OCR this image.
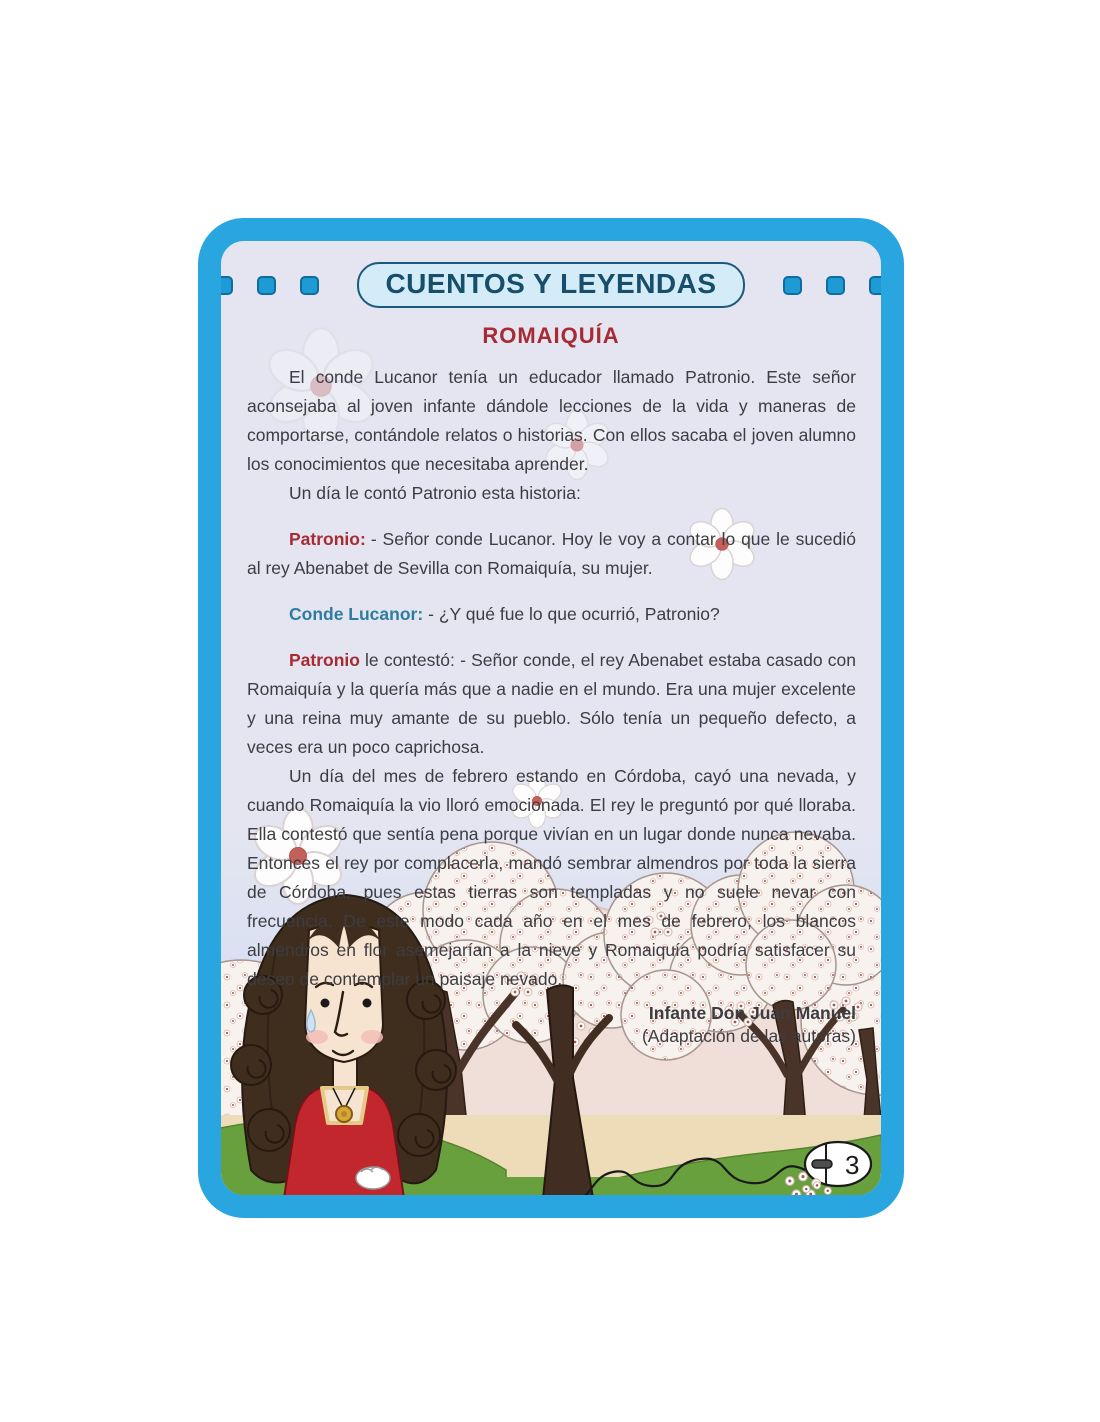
CUENTOS Y LEYENDAS
ROMAIQUÍA

El conde Lucanor tenía un educador llamado Patronio. Este señor aconsejaba al joven infante dándole lecciones de la vida y maneras de comportarse, contándole relatos o historias. Con ellos sacaba el joven alumno los conocimientos que necesitaba aprender.

Un día le contó Patronio esta historia:

Patronio: - Señor conde Lucanor. Hoy le voy a contar lo que le sucedió al rey Abenabet de Sevilla con Romaiquía, su mujer.

Conde Lucanor: - ¿Y qué fue lo que ocurrió, Patronio?

Patronio le contestó: - Señor conde, el rey Abenabet estaba casado con Romaiquía y la quería más que a nadie en el mundo. Era una mujer excelente y una reina muy amante de su pueblo. Sólo tenía un pequeño defecto, a veces era un poco caprichosa.

Un día del mes de febrero estando en Córdoba, cayó una nevada, y cuando Romaiquía la vio lloró emocionada. El rey le preguntó por qué lloraba. Ella contestó que sentía pena porque vivían en un lugar donde nunca nevaba. Entonces el rey por complacerla, mandó sembrar almendros por toda la sierra de Córdoba, pues estas tierras son templadas y no suele nevar con frecuencia. De este modo cada año en el mes de febrero, los blancos almendros en flor asemejarían a la nieve y Romaiquía podría satisfacer su deseo de contemplar un paisaje nevado.

Infante Don Juan Manuel
(Adaptación de las autoras)
3
